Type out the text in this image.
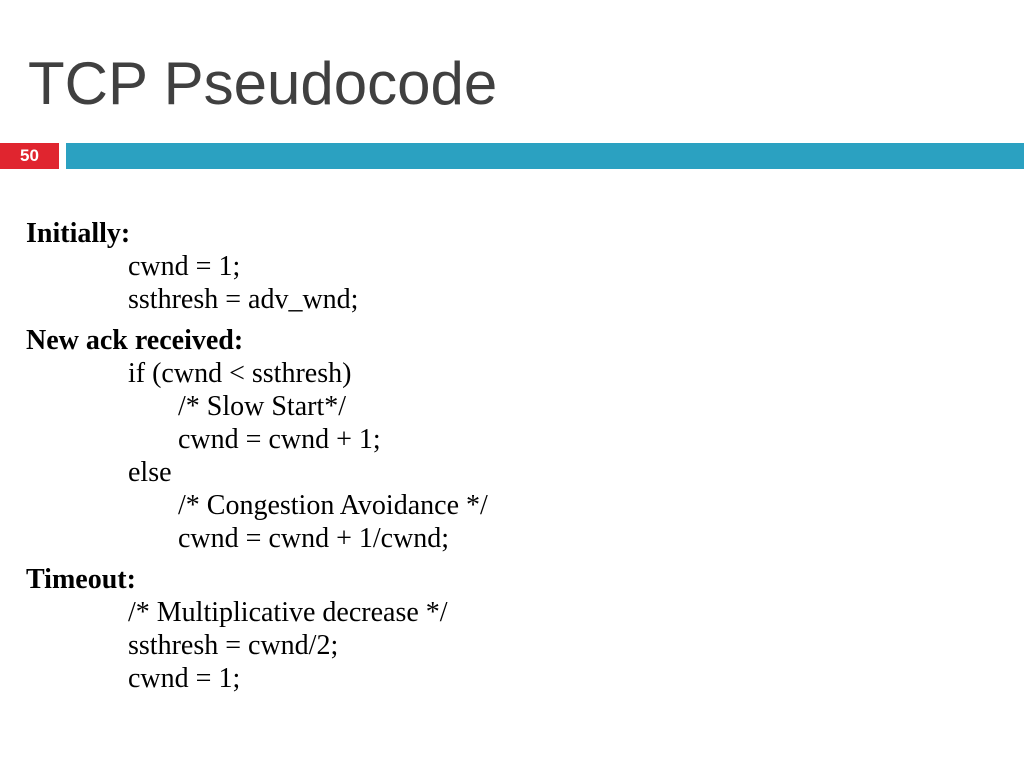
TCP Pseudocode
50
Initially:
cwnd = 1;
ssthresh = adv_wnd;
New ack received:
if (cwnd < ssthresh)
/* Slow Start*/
cwnd = cwnd + 1;
else
/* Congestion Avoidance */
cwnd = cwnd + 1/cwnd;
Timeout:
/* Multiplicative decrease */
ssthresh = cwnd/2;
cwnd = 1;
